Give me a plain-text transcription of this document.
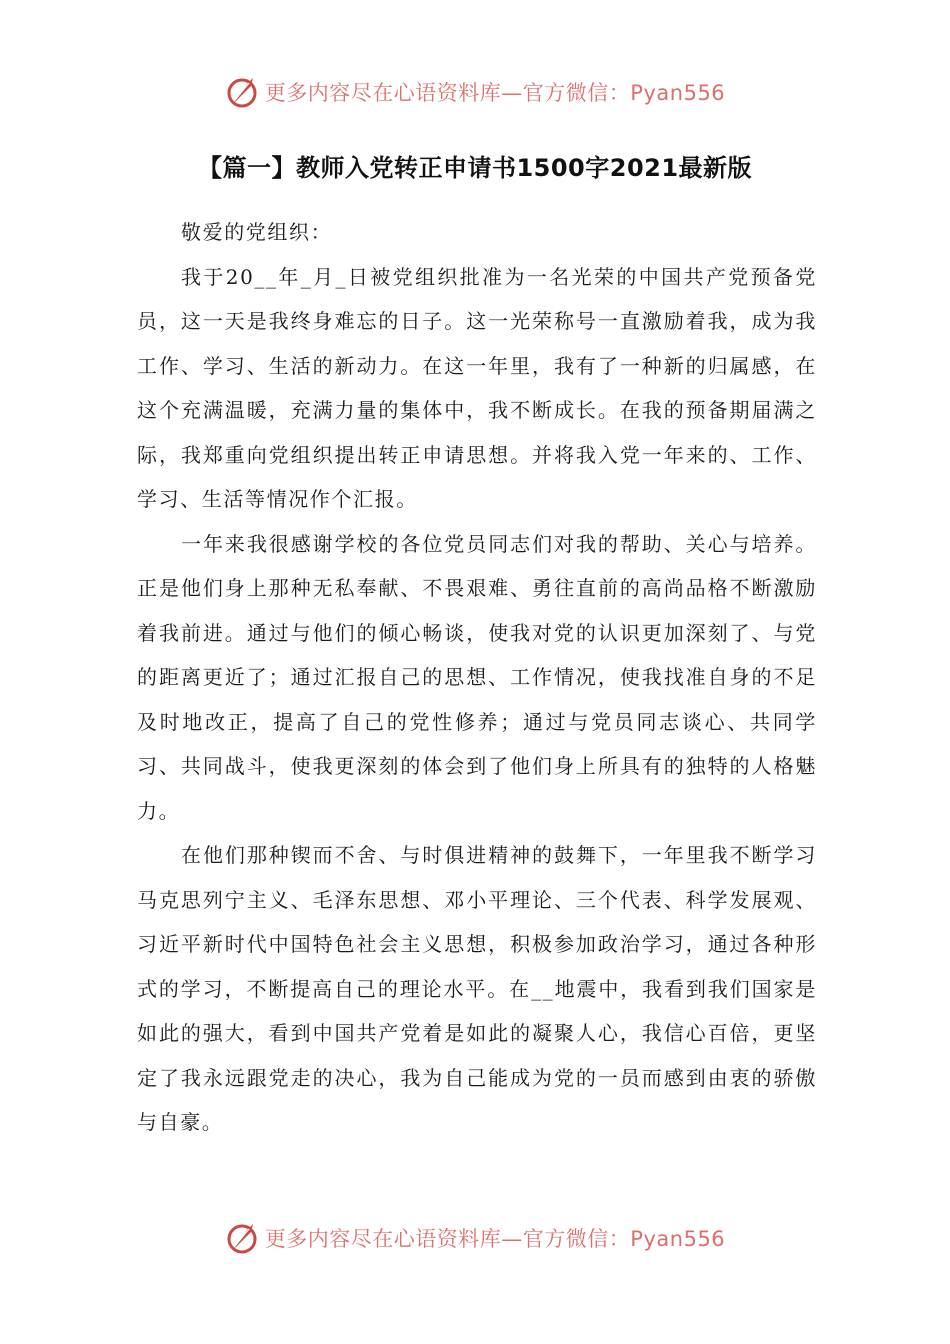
更多内容尽在心语资料库—官方微信：Pyan556
【篇一】教师入党转正申请书1500字2021最新版

敬爱的党组织：

我于20__年_月_日被党组织批准为一名光荣的中国共产党预备党员，这一天是我终身难忘的日子。这一光荣称号一直激励着我，成为我工作、学习、生活的新动力。在这一年里，我有了一种新的归属感，在这个充满温暖，充满力量的集体中，我不断成长。在我的预备期届满之际，我郑重向党组织提出转正申请思想。并将我入党一年来的、工作、学习、生活等情况作个汇报。

一年来我很感谢学校的各位党员同志们对我的帮助、关心与培养。正是他们身上那种无私奉献、不畏艰难、勇往直前的高尚品格不断激励着我前进。通过与他们的倾心畅谈，使我对党的认识更加深刻了、与党的距离更近了；通过汇报自己的思想、工作情况，使我找准自身的不足及时地改正，提高了自己的党性修养；通过与党员同志谈心、共同学习、共同战斗，使我更深刻的体会到了他们身上所具有的独特的人格魅力。

在他们那种锲而不舍、与时俱进精神的鼓舞下，一年里我不断学习马克思列宁主义、毛泽东思想、邓小平理论、三个代表、科学发展观、习近平新时代中国特色社会主义思想，积极参加政治学习，通过各种形式的学习，不断提高自己的理论水平。在__地震中，我看到我们国家是如此的强大，看到中国共产党着是如此的凝聚人心，我信心百倍，更坚定了我永远跟党走的决心，我为自己能成为党的一员而感到由衷的骄傲与自豪。

更多内容尽在心语资料库—官方微信：Pyan556
